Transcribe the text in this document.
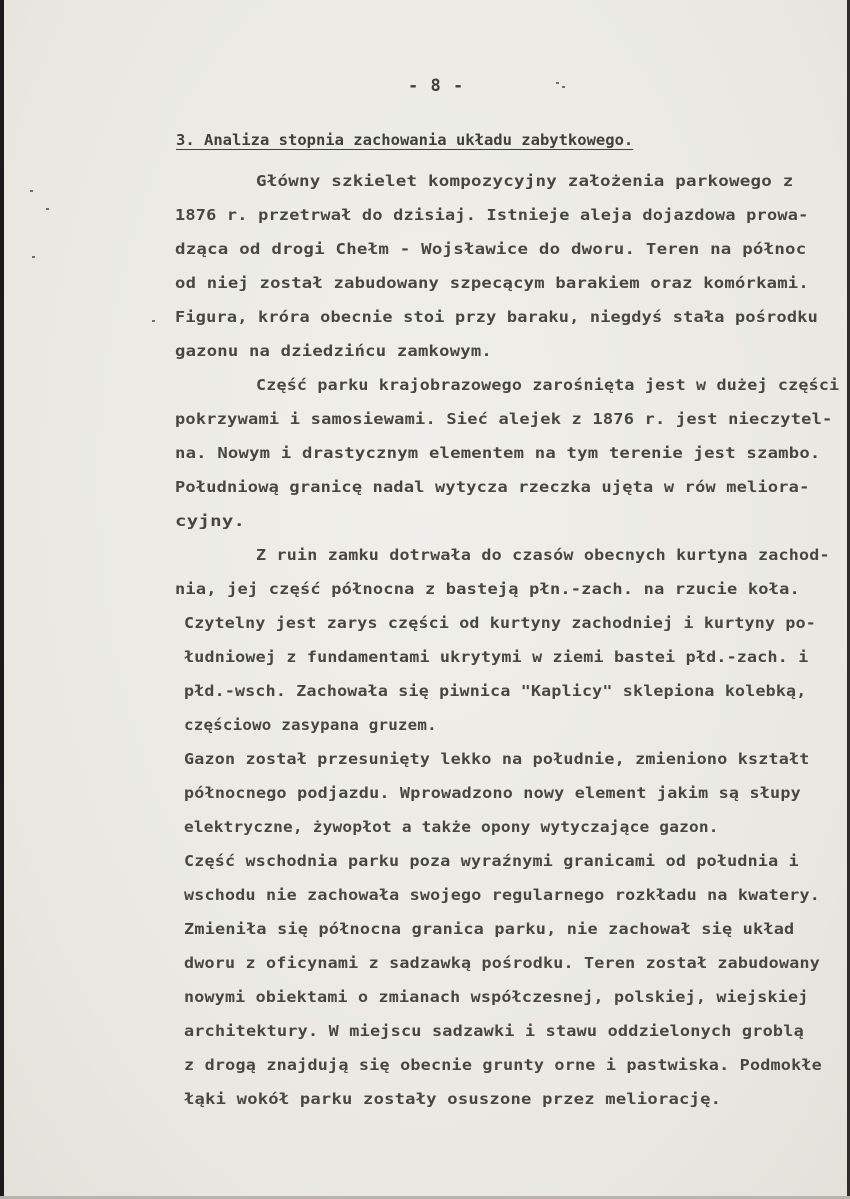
- 8 -
3. Analiza stopnia zachowania układu zabytkowego.
Główny szkielet kompozycyjny założenia parkowego z
1876 r. przetrwał do dzisiaj. Istnieje aleja dojazdowa prowa-
dząca od drogi Chełm - Wojsławice do dworu. Teren na północ
od niej został zabudowany szpecącym barakiem oraz komórkami.
Figura, króra obecnie stoi przy baraku, niegdyś stała pośrodku
gazonu na dziedzińcu zamkowym.
Część parku krajobrazowego zarośnięta jest w dużej części
pokrzywami i samosiewami. Sieć alejek z 1876 r. jest nieczytel-
na. Nowym i drastycznym elementem na tym terenie jest szambo.
Południową granicę nadal wytycza rzeczka ujęta w rów meliora-
cyjny.
Z ruin zamku dotrwała do czasów obecnych kurtyna zachod-
nia, jej część północna z basteją płn.-zach. na rzucie koła.
Czytelny jest zarys części od kurtyny zachodniej i kurtyny po-
łudniowej z fundamentami ukrytymi w ziemi bastei płd.-zach. i
płd.-wsch. Zachowała się piwnica "Kaplicy" sklepiona kolebką,
częściowo zasypana gruzem.
Gazon został przesunięty lekko na południe, zmieniono kształt
północnego podjazdu. Wprowadzono nowy element jakim są słupy
elektryczne, żywopłot a także opony wytyczające gazon.
Część wschodnia parku poza wyraźnymi granicami od południa i
wschodu nie zachowała swojego regularnego rozkładu na kwatery.
Zmieniła się północna granica parku, nie zachował się układ
dworu z oficynami z sadzawką pośrodku. Teren został zabudowany
nowymi obiektami o zmianach współczesnej, polskiej, wiejskiej
architektury. W miejscu sadzawki i stawu oddzielonych groblą
z drogą znajdują się obecnie grunty orne i pastwiska. Podmokłe
łąki wokół parku zostały osuszone przez meliorację.
